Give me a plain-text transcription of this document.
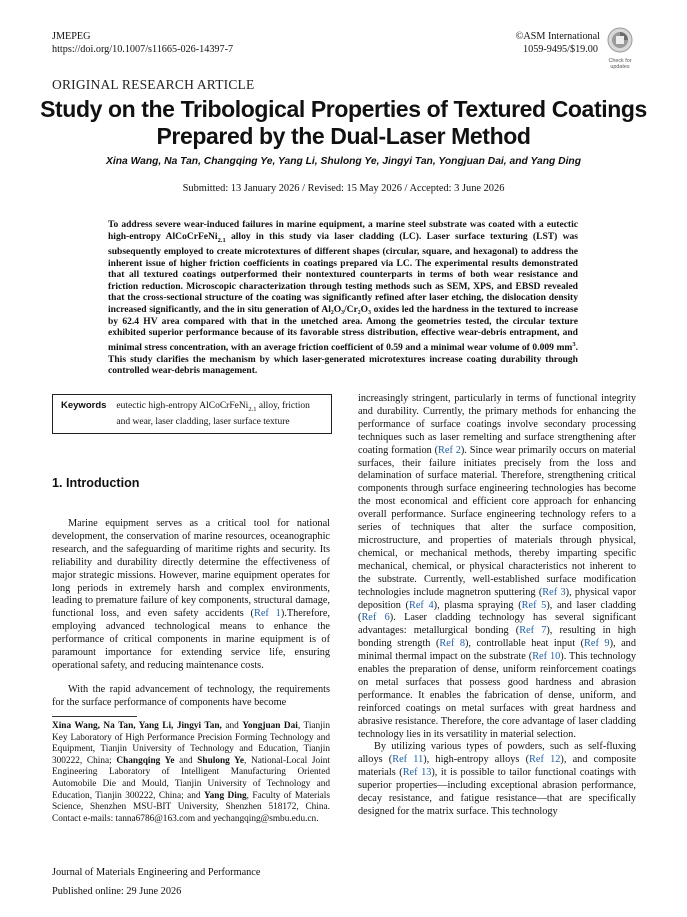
JMEPEG
https://doi.org/10.1007/s11665-026-14397-7
©ASM International
1059-9495/$19.00
Check for
updates
ORIGINAL RESEARCH ARTICLE
Study on the Tribological Properties of Textured Coatings
Prepared by the Dual-Laser Method
Xina Wang, Na Tan, Changqing Ye, Yang Li, Shulong Ye, Jingyi Tan, Yongjuan Dai, and Yang Ding
Submitted: 13 January 2026 / Revised: 15 May 2026 / Accepted: 3 June 2026
To address severe wear-induced failures in marine equipment, a marine steel substrate was coated with a eutectic high-entropy AlCoCrFeNi$_{2.1}$ alloy in this study via laser cladding (LC). Laser surface texturing (LST) was subsequently employed to create microtextures of different shapes (circular, square, and hexagonal) to address the inherent issue of higher friction coefficients in coatings prepared via LC. The experimental results demonstrated that all textured coatings outperformed their nontextured counterparts in terms of both wear resistance and friction reduction. Microscopic characterization through testing methods such as SEM, XPS, and EBSD revealed that the cross-sectional structure of the coating was significantly refined after laser etching, the dislocation density increased significantly, and the in situ generation of Al₂O₃/Cr₂O₃ oxides led the hardness in the textured to increase by 62.4 HV area compared with that in the unetched area. Among the geometries tested, the circular texture exhibited superior performance because of its favorable stress distribution, effective wear-debris entrapment, and minimal stress concentration, with an average friction coefficient of 0.59 and a minimal wear volume of 0.009 $mm^3$. This study clarifies the mechanism by which laser-generated microtextures increase coating durability through controlled wear-debris management.
Keywords	eutectic high-entropy AlCoCrFeNi$_{2.1}$ alloy, friction and wear, laser cladding, laser surface texture
1. Introduction

Marine equipment serves as a critical tool for national development, the conservation of marine resources, oceanographic research, and the safeguarding of maritime rights and security. Its reliability and durability directly determine the effectiveness of major strategic missions. However, marine equipment operates for long periods in extremely harsh and complex environments, leading to premature failure of key components, structural damage, functional loss, and even safety accidents (Ref 1).Therefore, employing advanced technological means to enhance the performance of critical components in marine equipment is of paramount importance for extending service life, ensuring operational safety, and reducing maintenance costs.

With the rapid advancement of technology, the requirements for the surface performance of components have become

Xina Wang, Na Tan, Yang Li, Jingyi Tan, and Yongjuan Dai, Tianjin Key Laboratory of High Performance Precision Forming Technology and Equipment, Tianjin University of Technology and Education, Tianjin 300222, China; Changqing Ye and Shulong Ye, National-Local Joint Engineering Laboratory of Intelligent Manufacturing Oriented Automobile Die and Mould, Tianjin University of Technology and Education, Tianjin 300222, China; and Yang Ding, Faculty of Materials Science, Shenzhen MSU-BIT University, Shenzhen 518172, China. Contact e-mails: tanna6786@163.com and yechangqing@smbu.edu.cn.

increasingly stringent, particularly in terms of functional integrity and durability. Currently, the primary methods for enhancing the performance of surface coatings involve secondary processing techniques such as laser remelting and surface strengthening after coating formation (Ref 2). Since wear primarily occurs on material surfaces, their failure initiates precisely from the loss and delamination of surface material. Therefore, strengthening critical components through surface engineering technologies has become the most economical and efficient core approach for enhancing overall performance. Surface engineering technology refers to a series of techniques that alter the surface composition, microstructure, and properties of materials through physical, chemical, or mechanical methods, thereby imparting specific mechanical, chemical, or physical characteristics not inherent to the substrate. Currently, well-established surface modification technologies include magnetron sputtering (Ref 3), physical vapor deposition (Ref 4), plasma spraying (Ref 5), and laser cladding (Ref 6). Laser cladding technology has several significant advantages: metallurgical bonding (Ref 7), resulting in high bonding strength (Ref 8), controllable heat input (Ref 9), and minimal thermal impact on the substrate (Ref 10). This technology enables the preparation of dense, uniform reinforcement coatings on metal surfaces that possess good hardness and abrasion performance. It enables the fabrication of dense, uniform, and reinforced coatings on metal surfaces with great hardness and abrasive resistance. Therefore, the core advantage of laser cladding technology lies in its versatility in material selection.

By utilizing various types of powders, such as self-fluxing alloys (Ref 11), high-entropy alloys (Ref 12), and composite materials (Ref 13), it is possible to tailor functional coatings with superior properties—including exceptional abrasion performance, decay resistance, and fatigue resistance—that are specifically designed for the matrix surface. This technology

Journal of Materials Engineering and Performance
Published online: 29 June 2026
